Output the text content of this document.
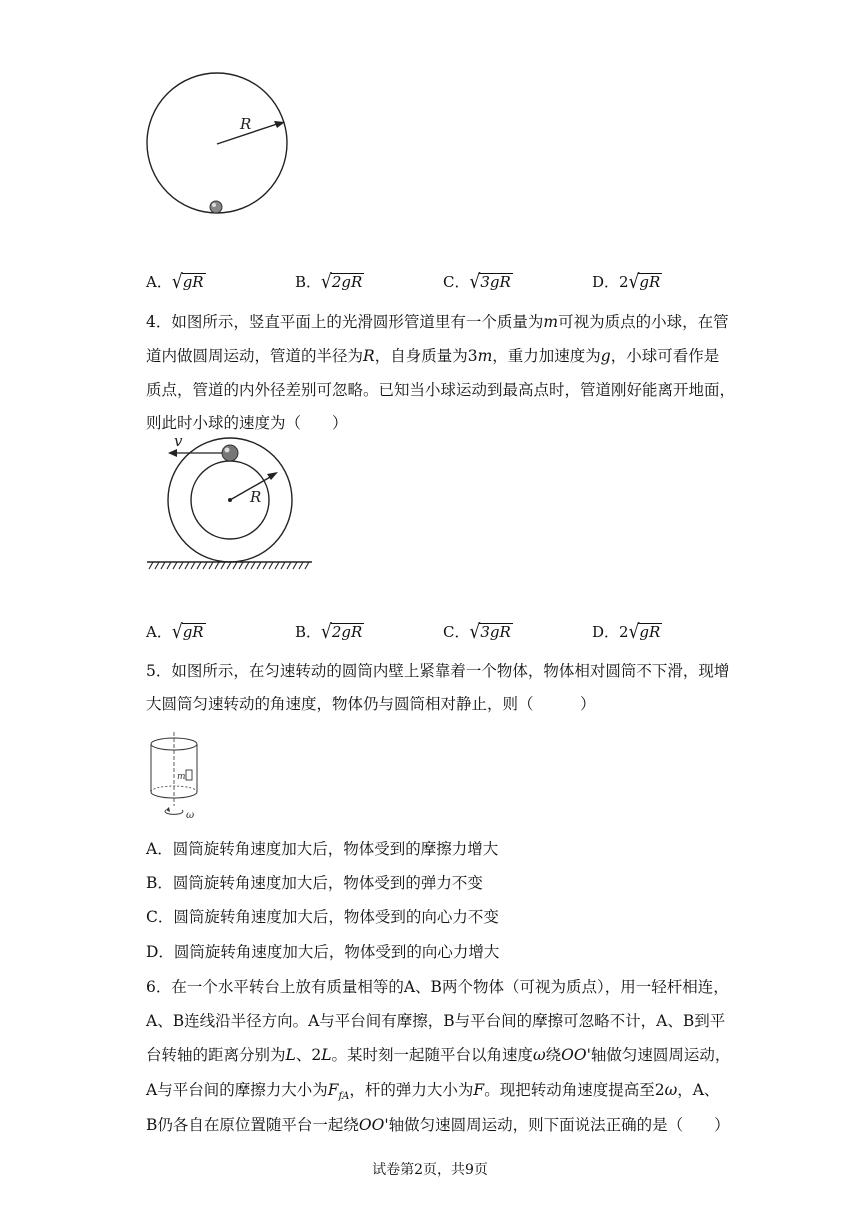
R
A．√gR	B．√2gR	C．√3gR	D．2√gR
4．如图所示，竖直平面上的光滑圆形管道里有一个质量为m可视为质点的小球，在管
道内做圆周运动，管道的半径为R，自身质量为3m，重力加速度为g，小球可看作是
质点，管道的内外径差别可忽略。已知当小球运动到最高点时，管道刚好能离开地面，
则此时小球的速度为（　　）
R
v
A．√gR	B．√2gR	C．√3gR	D．2√gR
5．如图所示，在匀速转动的圆筒内壁上紧靠着一个物体，物体相对圆筒不下滑，现增
大圆筒匀速转动的角速度，物体仍与圆筒相对静止，则（　　　）
m
ω
A．圆筒旋转角速度加大后，物体受到的摩擦力增大
B．圆筒旋转角速度加大后，物体受到的弹力不变
C．圆筒旋转角速度加大后，物体受到的向心力不变
D．圆筒旋转角速度加大后，物体受到的向心力增大
6．在一个水平转台上放有质量相等的A、B两个物体（可视为质点），用一轻杆相连，
A、B连线沿半径方向。A与平台间有摩擦，B与平台间的摩擦可忽略不计，A、B到平
台转轴的距离分别为L、2L。某时刻一起随平台以角速度ω绕OO'轴做匀速圆周运动，
A与平台间的摩擦力大小为$F_{fA}$，杆的弹力大小为F。现把转动角速度提高至2ω，A、
B仍各自在原位置随平台一起绕OO'轴做匀速圆周运动，则下面说法正确的是（　　）
试卷第2页，共9页
